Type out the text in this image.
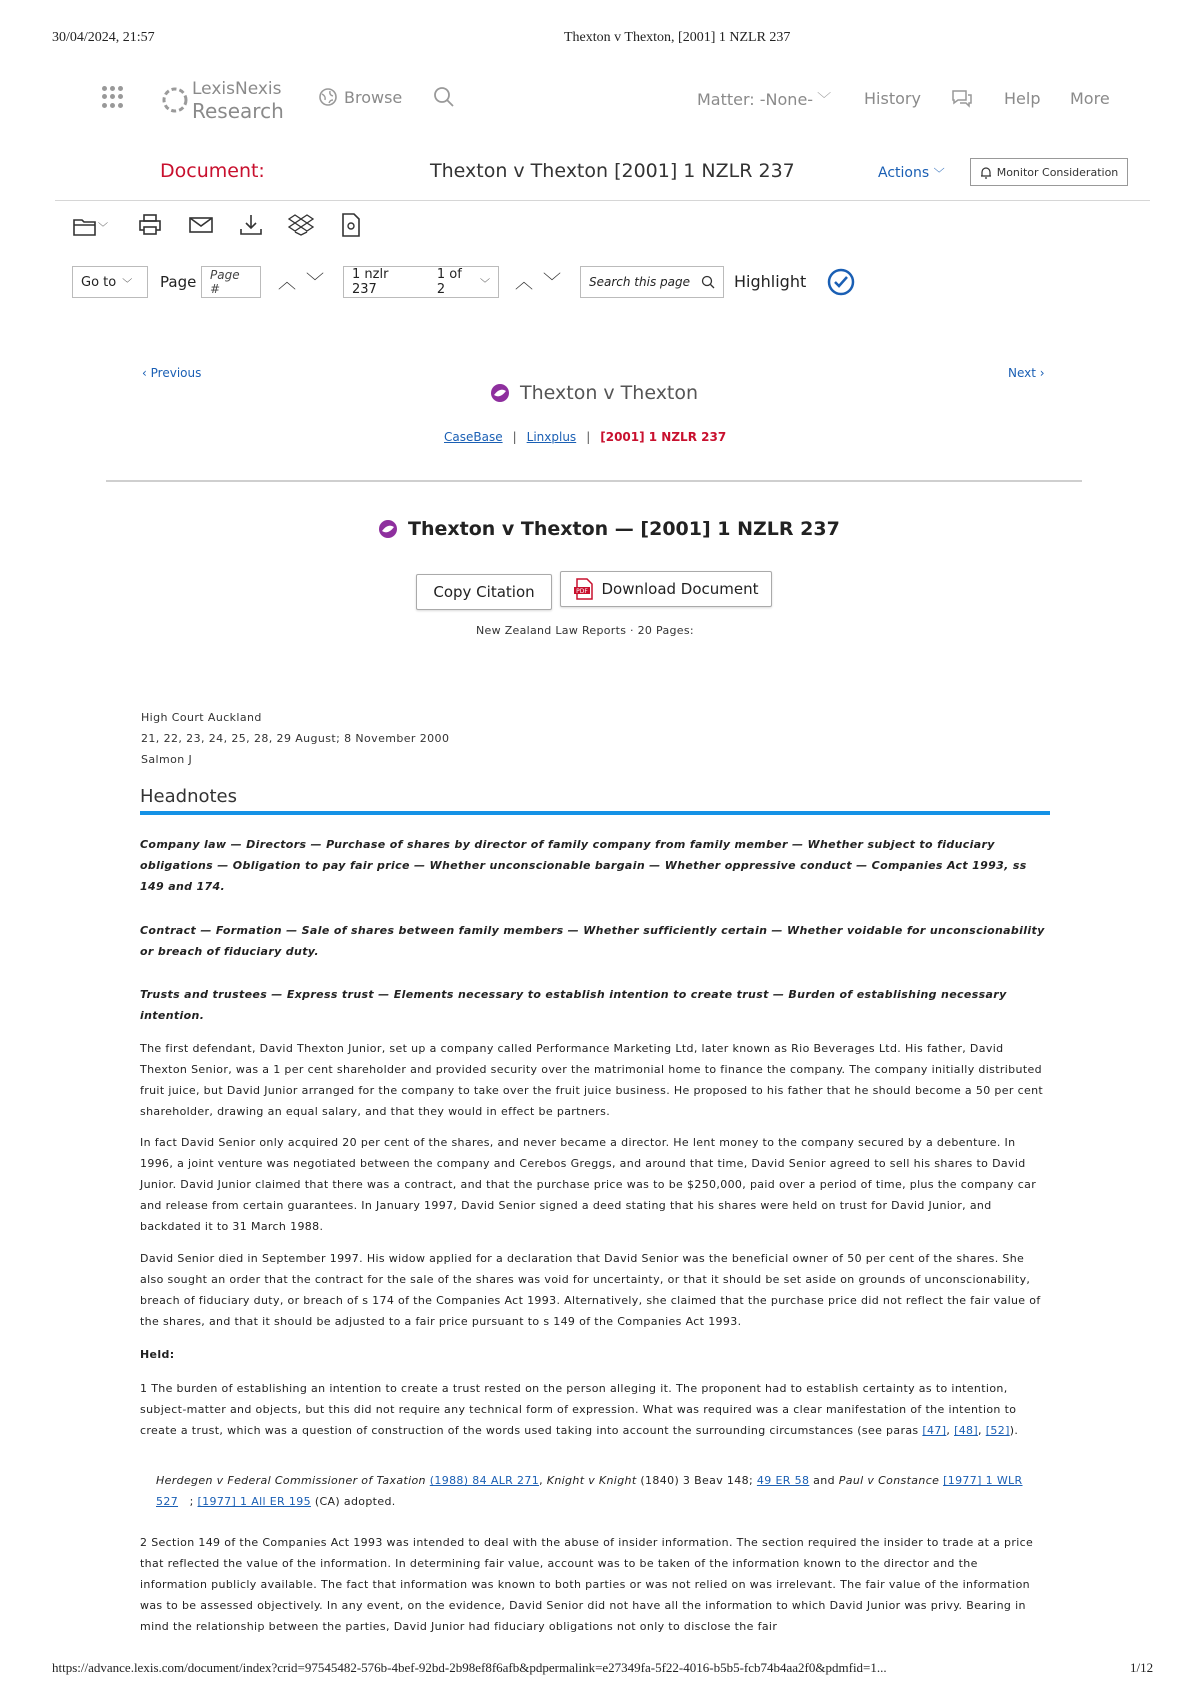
30/04/2024, 21:57	Thexton v Thexton, [2001] 1 NZLR 237
LexisNexis
Research
Browse	Matter: -None- ﹀ History	Help More
Document:	Thexton v Thexton [2001] 1 NZLR 237	Actions ﹀	Monitor Consideration
﹀
Go to ﹀ Page Page #	︿﹀ 1 nzlr 237
1 of 2	﹀ ︿﹀ Search this page	Highlight
‹ Previous	Next ›
Thexton v Thexton
CaseBase | Linxplus | [2001] 1 NZLR 237
Thexton v Thexton — [2001] 1 NZLR 237
Copy Citation	PDF Download Document
New Zealand Law Reports · 20 Pages:
High Court Auckland
21, 22, 23, 24, 25, 28, 29 August; 8 November 2000
Salmon J
Headnotes
Company law — Directors — Purchase of shares by director of family company from family member — Whether subject to fiduciary obligations — Obligation to pay fair price — Whether unconscionable bargain — Whether oppressive conduct — Companies Act 1993, ss 149 and 174.
Contract — Formation — Sale of shares between family members — Whether sufficiently certain — Whether voidable for unconscionability or breach of fiduciary duty.
Trusts and trustees — Express trust — Elements necessary to establish intention to create trust — Burden of establishing necessary intention.
The first defendant, David Thexton Junior, set up a company called Performance Marketing Ltd, later known as Rio Beverages Ltd. His father, David Thexton Senior, was a 1 per cent shareholder and provided security over the matrimonial home to finance the company. The company initially distributed fruit juice, but David Junior arranged for the company to take over the fruit juice business. He proposed to his father that he should become a 50 per cent shareholder, drawing an equal salary, and that they would in effect be partners.
In fact David Senior only acquired 20 per cent of the shares, and never became a director. He lent money to the company secured by a debenture. In 1996, a joint venture was negotiated between the company and Cerebos Greggs, and around that time, David Senior agreed to sell his shares to David Junior. David Junior claimed that there was a contract, and that the purchase price was to be $250,000, paid over a period of time, plus the company car and release from certain guarantees. In January 1997, David Senior signed a deed stating that his shares were held on trust for David Junior, and backdated it to 31 March 1988.
David Senior died in September 1997. His widow applied for a declaration that David Senior was the beneficial owner of 50 per cent of the shares. She also sought an order that the contract for the sale of the shares was void for uncertainty, or that it should be set aside on grounds of unconscionability, breach of fiduciary duty, or breach of s 174 of the Companies Act 1993. Alternatively, she claimed that the purchase price did not reflect the fair value of the shares, and that it should be adjusted to a fair price pursuant to s 149 of the Companies Act 1993.
Held:
1 The burden of establishing an intention to create a trust rested on the person alleging it. The proponent had to establish certainty as to intention, subject-matter and objects, but this did not require any technical form of expression. What was required was a clear manifestation of the intention to create a trust, which was a question of construction of the words used taking into account the surrounding circumstances (see paras [47], [48], [52]).
Herdegen v Federal Commissioner of Taxation (1988) 84 ALR 271, Knight v Knight (1840) 3 Beav 148; 49 ER 58 and Paul v Constance [1977] 1 WLR 527   ; [1977] 1 All ER 195 (CA) adopted.
2 Section 149 of the Companies Act 1993 was intended to deal with the abuse of insider information. The section required the insider to trade at a price that reflected the value of the information. In determining fair value, account was to be taken of the information known to the director and the information publicly available. The fact that information was known to both parties or was not relied on was irrelevant. The fair value of the information was to be assessed objectively. In any event, on the evidence, David Senior did not have all the information to which David Junior was privy. Bearing in mind the relationship between the parties, David Junior had fiduciary obligations not only to disclose the fair
https://advance.lexis.com/document/index?crid=97545482-576b-4bef-92bd-2b98ef8f6afb&pdpermalink=e27349fa-5f22-4016-b5b5-fcb74b4aa2f0&pdmfid=1...	1/12
